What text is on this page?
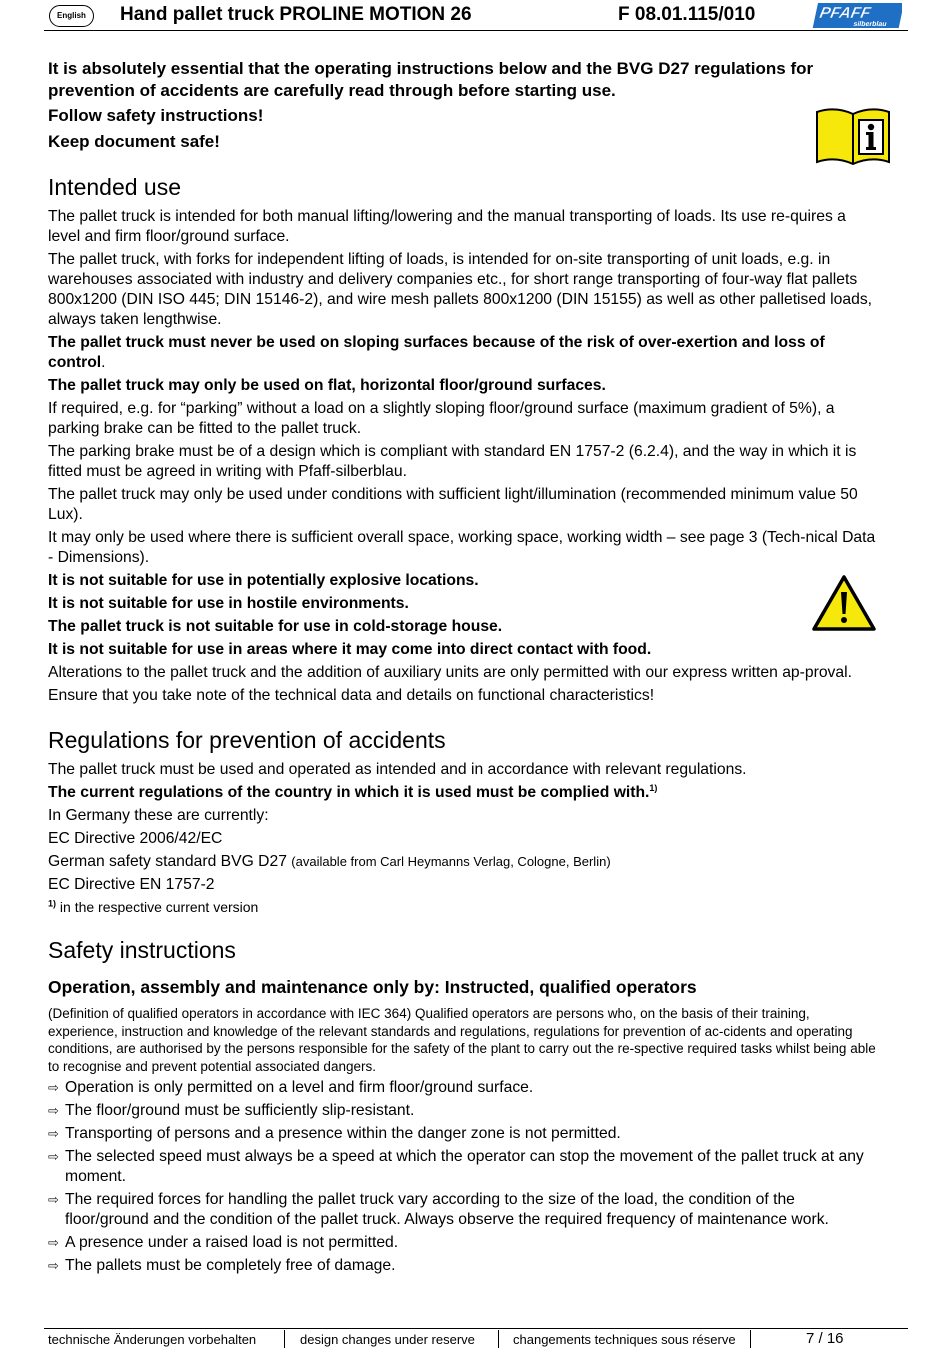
English	Hand pallet truck PROLINE MOTION 26	F 08.01.115/010	PFAFF
silberblau

It is absolutely essential that the operating instructions below and the BVG D27 regulations for prevention of accidents are carefully read through before starting use.

Follow safety instructions!

Keep document safe!

Intended use

The pallet truck is intended for both manual lifting/lowering and the manual transporting of loads. Its use re-quires a level and firm floor/ground surface.

The pallet truck, with forks for independent lifting of loads, is intended for on-site transporting of unit loads, e.g. in warehouses associated with industry and delivery companies etc., for short range transporting of four-way flat pallets 800x1200 (DIN ISO 445; DIN 15146-2), and wire mesh pallets 800x1200 (DIN 15155) as well as other palletised loads, always taken lengthwise.

The pallet truck must never be used on sloping surfaces because of the risk of over-exertion and loss of control.

The pallet truck may only be used on flat, horizontal floor/ground surfaces.

If required, e.g. for “parking” without a load on a slightly sloping floor/ground surface (maximum gradient of 5%), a parking brake can be fitted to the pallet truck.

The parking brake must be of a design which is compliant with standard EN 1757-2 (6.2.4), and the way in which it is fitted must be agreed in writing with Pfaff-silberblau.

The pallet truck may only be used under conditions with sufficient light/illumination (recommended minimum value 50 Lux).

It may only be used where there is sufficient overall space, working space, working width – see page 3 (Tech-nical Data - Dimensions).

It is not suitable for use in potentially explosive locations.

It is not suitable for use in hostile environments.

The pallet truck is not suitable for use in cold-storage house.

It is not suitable for use in areas where it may come into direct contact with food.

Alterations to the pallet truck and the addition of auxiliary units are only permitted with our express written ap-proval.

Ensure that you take note of the technical data and details on functional characteristics!

Regulations for prevention of accidents

The pallet truck must be used and operated as intended and in accordance with relevant regulations.

The current regulations of the country in which it is used must be complied with.$^{1)}$

In Germany these are currently:

EC Directive 2006/42/EC

German safety standard BVG D27 (available from Carl Heymanns Verlag, Cologne, Berlin)

EC Directive EN 1757-2

$^{1)}$ in the respective current version

Safety instructions

Operation, assembly and maintenance only by: Instructed, qualified operators

(Definition of qualified operators in accordance with IEC 364) Qualified operators are persons who, on the basis of their training, experience, instruction and knowledge of the relevant standards and regulations, regulations for prevention of ac-cidents and operating conditions, are authorised by the persons responsible for the safety of the plant to carry out the re-spective required tasks whilst being able to recognise and prevent potential associated dangers.

⇨ Operation is only permitted on a level and firm floor/ground surface.
⇨ The floor/ground must be sufficiently slip-resistant.
⇨ Transporting of persons and a presence within the danger zone is not permitted.
⇨ The selected speed must always be a speed at which the operator can stop the movement of the pallet truck at any moment.
⇨ The required forces for handling the pallet truck vary according to the size of the load, the condition of the floor/ground and the condition of the pallet truck. Always observe the required frequency of maintenance work.
⇨ A presence under a raised load is not permitted.
⇨ The pallets must be completely free of damage.
technische Änderungen vorbehalten	design changes under reserve	changements techniques sous réserve	7 / 16
